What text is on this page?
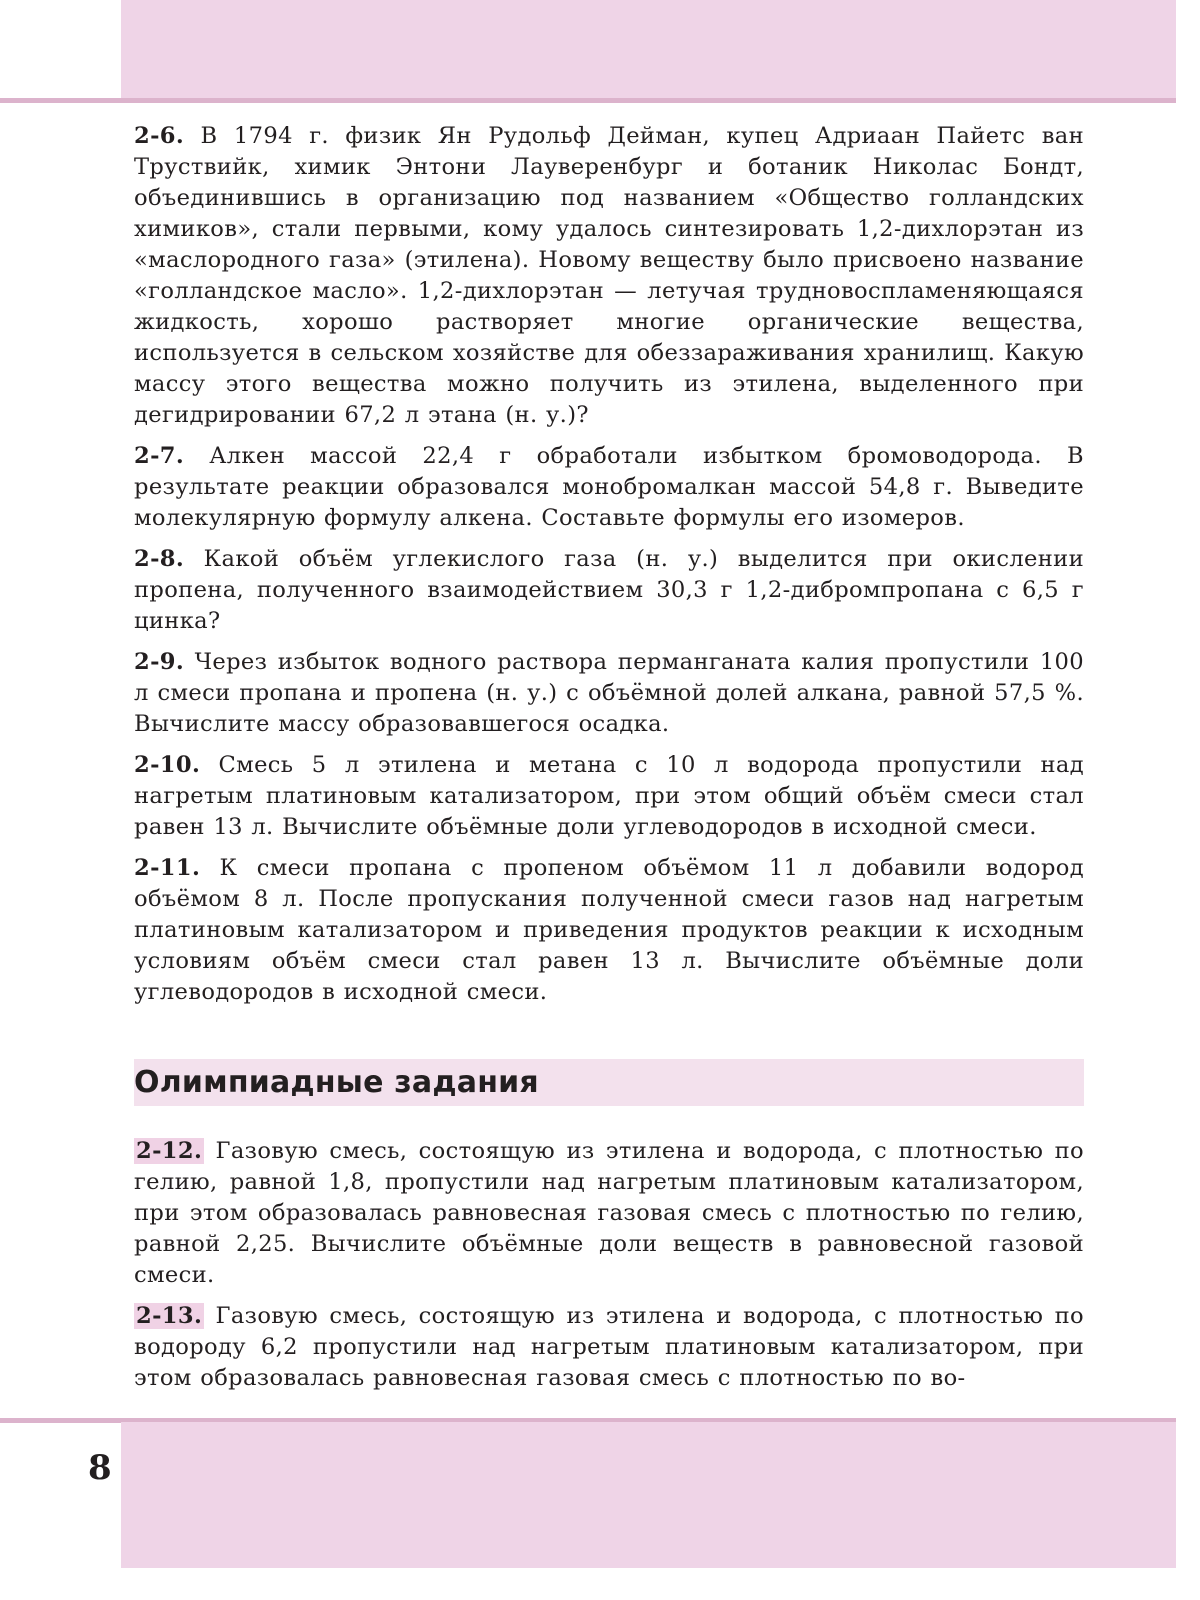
2-6. В 1794 г. физик Ян Рудольф Дейман, купец Адриаан Пайетс ван Труствийк, химик Энтони Лауверенбург и ботаник Николас Бондт, объединившись в организацию под названием «Общество голландских химиков», стали первыми, кому удалось синтезировать 1,2-дихлорэтан из «маслородного газа» (этилена). Новому веществу было присвоено название «голландское масло». 1,2-дихлорэтан — летучая трудновоспламеняющаяся жидкость, хорошо растворяет многие органические вещества, используется в сельском хозяйстве для обеззараживания хранилищ. Какую массу этого вещества можно получить из этилена, выделенного при дегидрировании 67,2 л этана (н. у.)?

2-7. Алкен массой 22,4 г обработали избытком бромоводорода. В результате реакции образовался монобромалкан массой 54,8 г. Выведите молекулярную формулу алкена. Составьте формулы его изомеров.

2-8. Какой объём углекислого газа (н. у.) выделится при окислении пропена, полученного взаимодействием 30,3 г 1,2-дибромпропана с 6,5 г цинка?

2-9. Через избыток водного раствора перманганата калия пропустили 100 л смеси пропана и пропена (н. у.) с объёмной долей алкана, равной 57,5 %. Вычислите массу образовавшегося осадка.

2-10. Смесь 5 л этилена и метана с 10 л водорода пропустили над нагретым платиновым катализатором, при этом общий объём смеси стал равен 13 л. Вычислите объёмные доли углеводородов в исходной смеси.

2-11. К смеси пропана с пропеном объёмом 11 л добавили водород объёмом 8 л. После пропускания полученной смеси газов над нагретым платиновым катализатором и приведения продуктов реакции к исходным условиям объём смеси стал равен 13 л. Вычислите объёмные доли углеводородов в исходной смеси.

Олимпиадные задания

2-12. Газовую смесь, состоящую из этилена и водорода, с плотностью по гелию, равной 1,8, пропустили над нагретым платиновым катализатором, при этом образовалась равновесная газовая смесь с плотностью по гелию, равной 2,25. Вычислите объёмные доли веществ в равновесной газовой смеси.

2-13. Газовую смесь, состоящую из этилена и водорода, с плотностью по водороду 6,2 пропустили над нагретым платиновым катализатором, при этом образовалась равновесная газовая смесь с плотностью по во-

8
